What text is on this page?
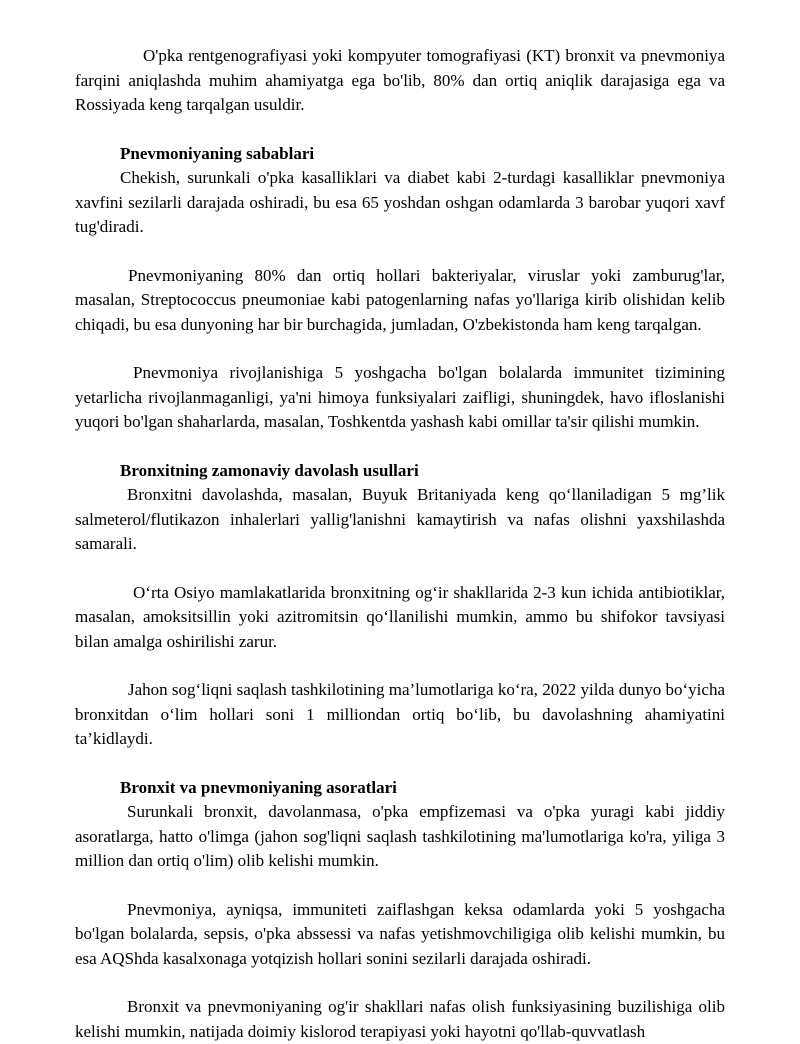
O'pka rentgenografiyasi yoki kompyuter tomografiyasi (KT) bronxit va pnevmoniya farqini aniqlashda muhim ahamiyatga ega bo'lib, 80% dan ortiq aniqlik darajasiga ega va Rossiyada keng tarqalgan usuldir.

Pnevmoniyaning sabablari

Chekish, surunkali o'pka kasalliklari va diabet kabi 2-turdagi kasalliklar pnevmoniya xavfini sezilarli darajada oshiradi, bu esa 65 yoshdan oshgan odamlarda 3 barobar yuqori xavf tug'diradi.

Pnevmoniyaning 80% dan ortiq hollari bakteriyalar, viruslar yoki zamburug'lar, masalan, Streptococcus pneumoniae kabi patogenlarning nafas yo'llariga kirib olishidan kelib chiqadi, bu esa dunyoning har bir burchagida, jumladan, O'zbekistonda ham keng tarqalgan.

Pnevmoniya rivojlanishiga 5 yoshgacha bo'lgan bolalarda immunitet tizimining yetarlicha rivojlanmaganligi, ya'ni himoya funksiyalari zaifligi, shuningdek, havo ifloslanishi yuqori bo'lgan shaharlarda, masalan, Toshkentda yashash kabi omillar ta'sir qilishi mumkin.

Bronxitning zamonaviy davolash usullari

Bronxitni davolashda, masalan, Buyuk Britaniyada keng qo‘llaniladigan 5 mg’lik salmeterol/flutikazon inhalerlari yallig'lanishni kamaytirish va nafas olishni yaxshilashda samarali.

O‘rta Osiyo mamlakatlarida bronxitning og‘ir shakllarida 2-3 kun ichida antibiotiklar, masalan, amoksitsillin yoki azitromitsin qo‘llanilishi mumkin, ammo bu shifokor tavsiyasi bilan amalga oshirilishi zarur.

Jahon sog‘liqni saqlash tashkilotining ma’lumotlariga ko‘ra, 2022 yilda dunyo bo‘yicha bronxitdan o‘lim hollari soni 1 milliondan ortiq bo‘lib, bu davolashning ahamiyatini ta’kidlaydi.

Bronxit va pnevmoniyaning asoratlari

Surunkali bronxit, davolanmasa, o'pka empfizemasi va o'pka yuragi kabi jiddiy asoratlarga, hatto o'limga (jahon sog'liqni saqlash tashkilotining ma'lumotlariga ko'ra, yiliga 3 million dan ortiq o'lim) olib kelishi mumkin.

Pnevmoniya, ayniqsa, immuniteti zaiflashgan keksa odamlarda yoki 5 yoshgacha bo'lgan bolalarda, sepsis, o'pka abssessi va nafas yetishmovchiligiga olib kelishi mumkin, bu esa AQShda kasalxonaga yotqizish hollari sonini sezilarli darajada oshiradi.

Bronxit va pnevmoniyaning og'ir shakllari nafas olish funksiyasining buzilishiga olib kelishi mumkin, natijada doimiy kislorod terapiyasi yoki hayotni qo'llab-quvvatlash
